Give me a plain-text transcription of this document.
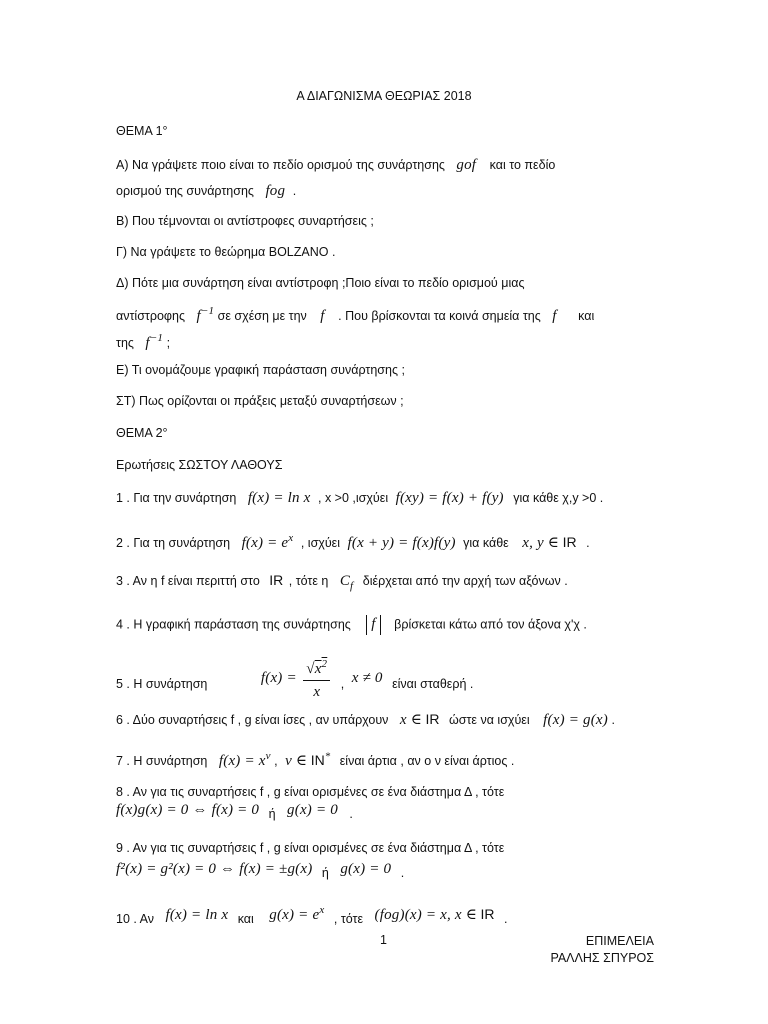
Α ΔΙΑΓΩΝΙΣΜΑ ΘΕΩΡΙΑΣ 2018
ΘΕΜΑ 1°
Α) Να γράψετε ποιο είναι το πεδίο ορισμού της συνάρτησης gof και το πεδίο
ορισμού της συνάρτησης fog .
Β) Που τέμνονται οι αντίστροφες συναρτήσεις ;
Γ) Να γράψετε το θεώρημα BOLZANO .
Δ) Πότε μια συνάρτηση είναι αντίστροφη ;Ποιο είναι το πεδίο ορισμού μιας
αντίστροφης $f^{-1}$ σε σχέση με την f . Που βρίσκονται τα κοινά σημεία της f και
της $f^{-1}$ ;
Ε) Τι ονομάζουμε γραφική παράσταση συνάρτησης ;
ΣΤ) Πως ορίζονται οι πράξεις μεταξύ συναρτήσεων ;
ΘΕΜΑ 2°
Ερωτήσεις ΣΩΣΤΟΥ ΛΑΘΟΥΣ
1 . Για την συνάρτηση f(x) = ln x , x >0 ,ισχύει f(xy) = f(x) + f(y) για κάθε χ,y >0 .
2 . Για τη συνάρτηση $f(x) = e^x$ , ισχύει f(x + y) = f(x)f(y) για κάθε x, y ∈ IR .
3 . Αν η f είναι περιττή στο IR , τότε η $C_f$ διέρχεται από την αρχή των αξόνων .
4 . Η γραφική παράσταση της συνάρτησης f βρίσκεται κάτω από τον άξονα χ'χ .
5 . Η συνάρτηση	$f(x) = \frac{√x^2}{x}$ , x ≠ 0 είναι σταθερή .
6 . Δύο συναρτήσεις f , g είναι ίσες , αν υπάρχουν x ∈ IR ώστε να ισχύει f(x) = g(x) .
7 . Η συνάρτηση $f(x) = x^\nu$ , ν ∈ IN* είναι άρτια , αν ο ν είναι άρτιος .
8 . Αν για τις συναρτήσεις f , g είναι ορισμένες σε ένα διάστημα Δ , τότε
f(x)g(x) = 0 ⇔ f(x) = 0 ή g(x) = 0 .
9 . Αν για τις συναρτήσεις f , g είναι ορισμένες σε ένα διάστημα Δ , τότε
f²(x) = g²(x) = 0 ⇔ f(x) = ±g(x) ή g(x) = 0 .
10 . Αν f(x) = ln x και $g(x) = e^x$ , τότε (fog)(x) = x, x ∈ IR .
1	ΕΠΙΜΕΛΕΙΑ
ΡΑΛΛΗΣ ΣΠΥΡΟΣ
